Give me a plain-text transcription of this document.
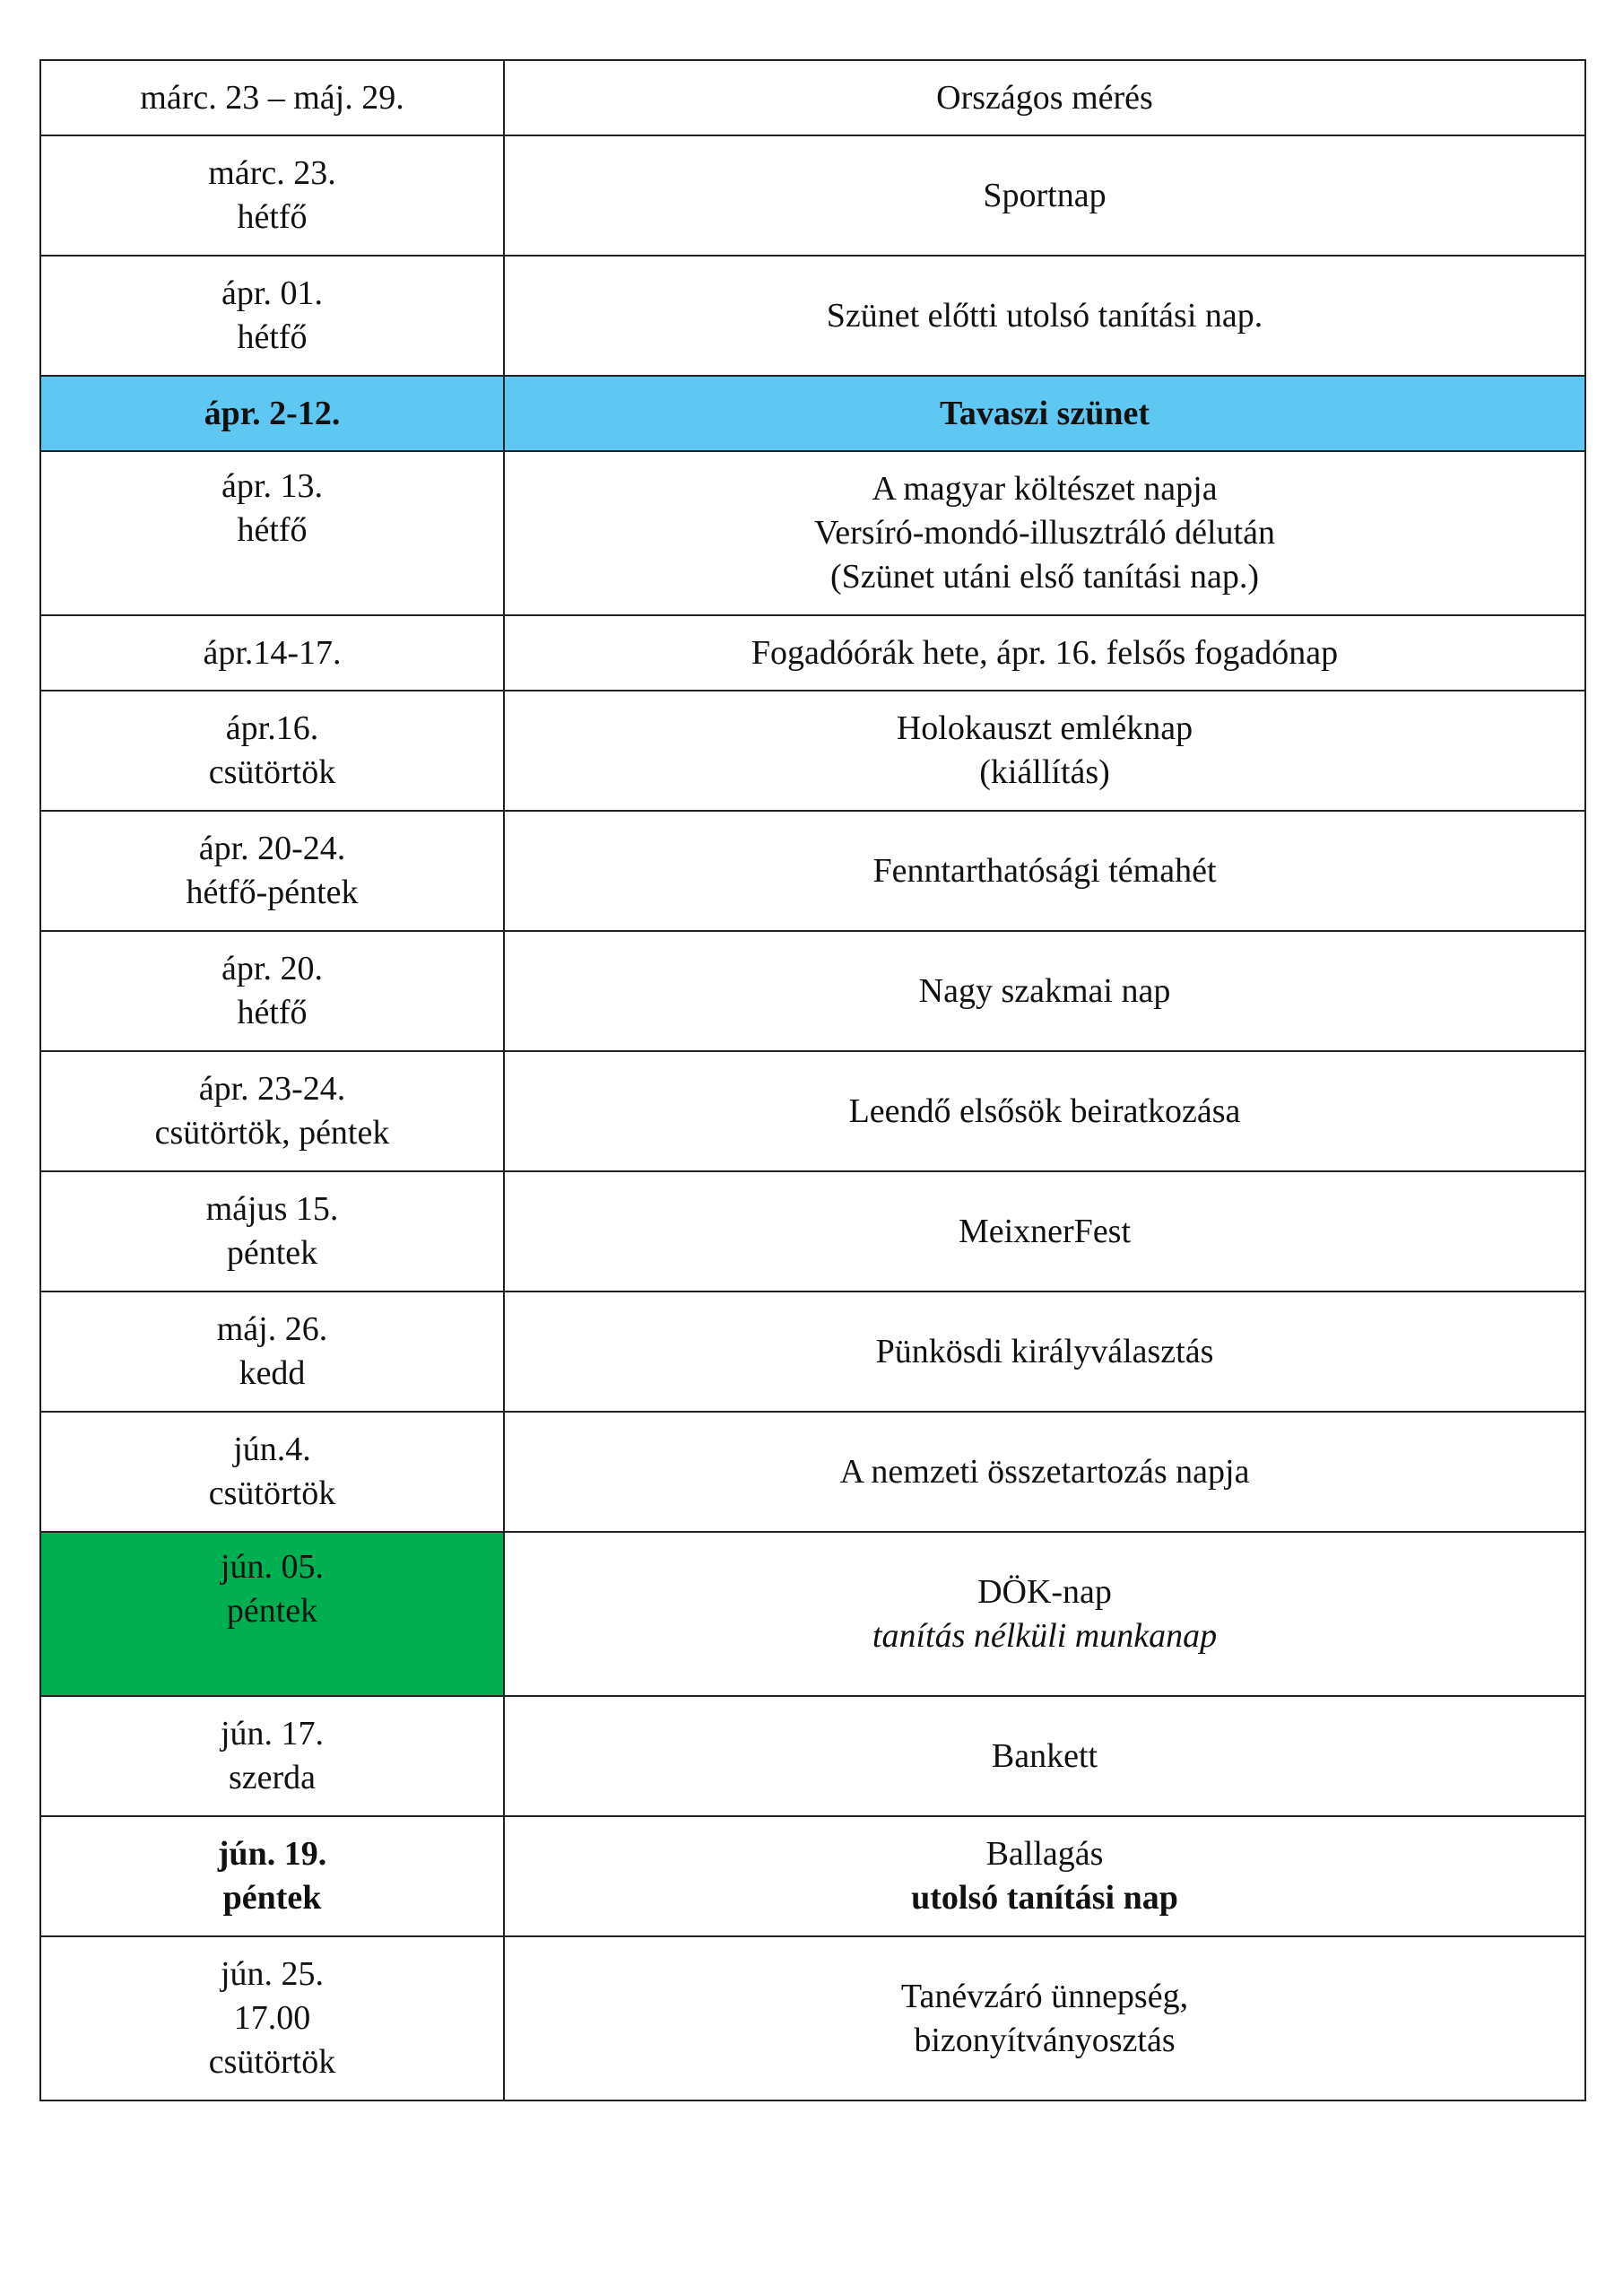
márc. 23 – máj. 29.	Országos mérés

márc. 23.
hétfő	Sportnap

ápr. 01.
hétfő	Szünet előtti utolsó tanítási nap.

ápr. 2-12.	Tavaszi szünet

ápr. 13.
hétfő	A magyar költészet napja
Versíró-mondó-illusztráló délután
(Szünet utáni első tanítási nap.)

ápr.14-17.	Fogadóórák hete, ápr. 16. felsős fogadónap

ápr.16.
csütörtök	Holokauszt emléknap
(kiállítás)

ápr. 20-24.
hétfő-péntek	Fenntarthatósági témahét

ápr. 20.
hétfő	Nagy szakmai nap

ápr. 23-24.
csütörtök, péntek	Leendő elsősök beiratkozása

május 15.
péntek	MeixnerFest

máj. 26.
kedd	Pünkösdi királyválasztás

jún.4.
csütörtök	A nemzeti összetartozás napja

jún. 05.
péntek	DÖK-nap
tanítás nélküli munkanap

jún. 17.
szerda	Bankett

jún. 19.
péntek	Ballagás
utolsó tanítási nap

jún. 25.
17.00
csütörtök	Tanévzáró ünnepség,
bizonyítványosztás
